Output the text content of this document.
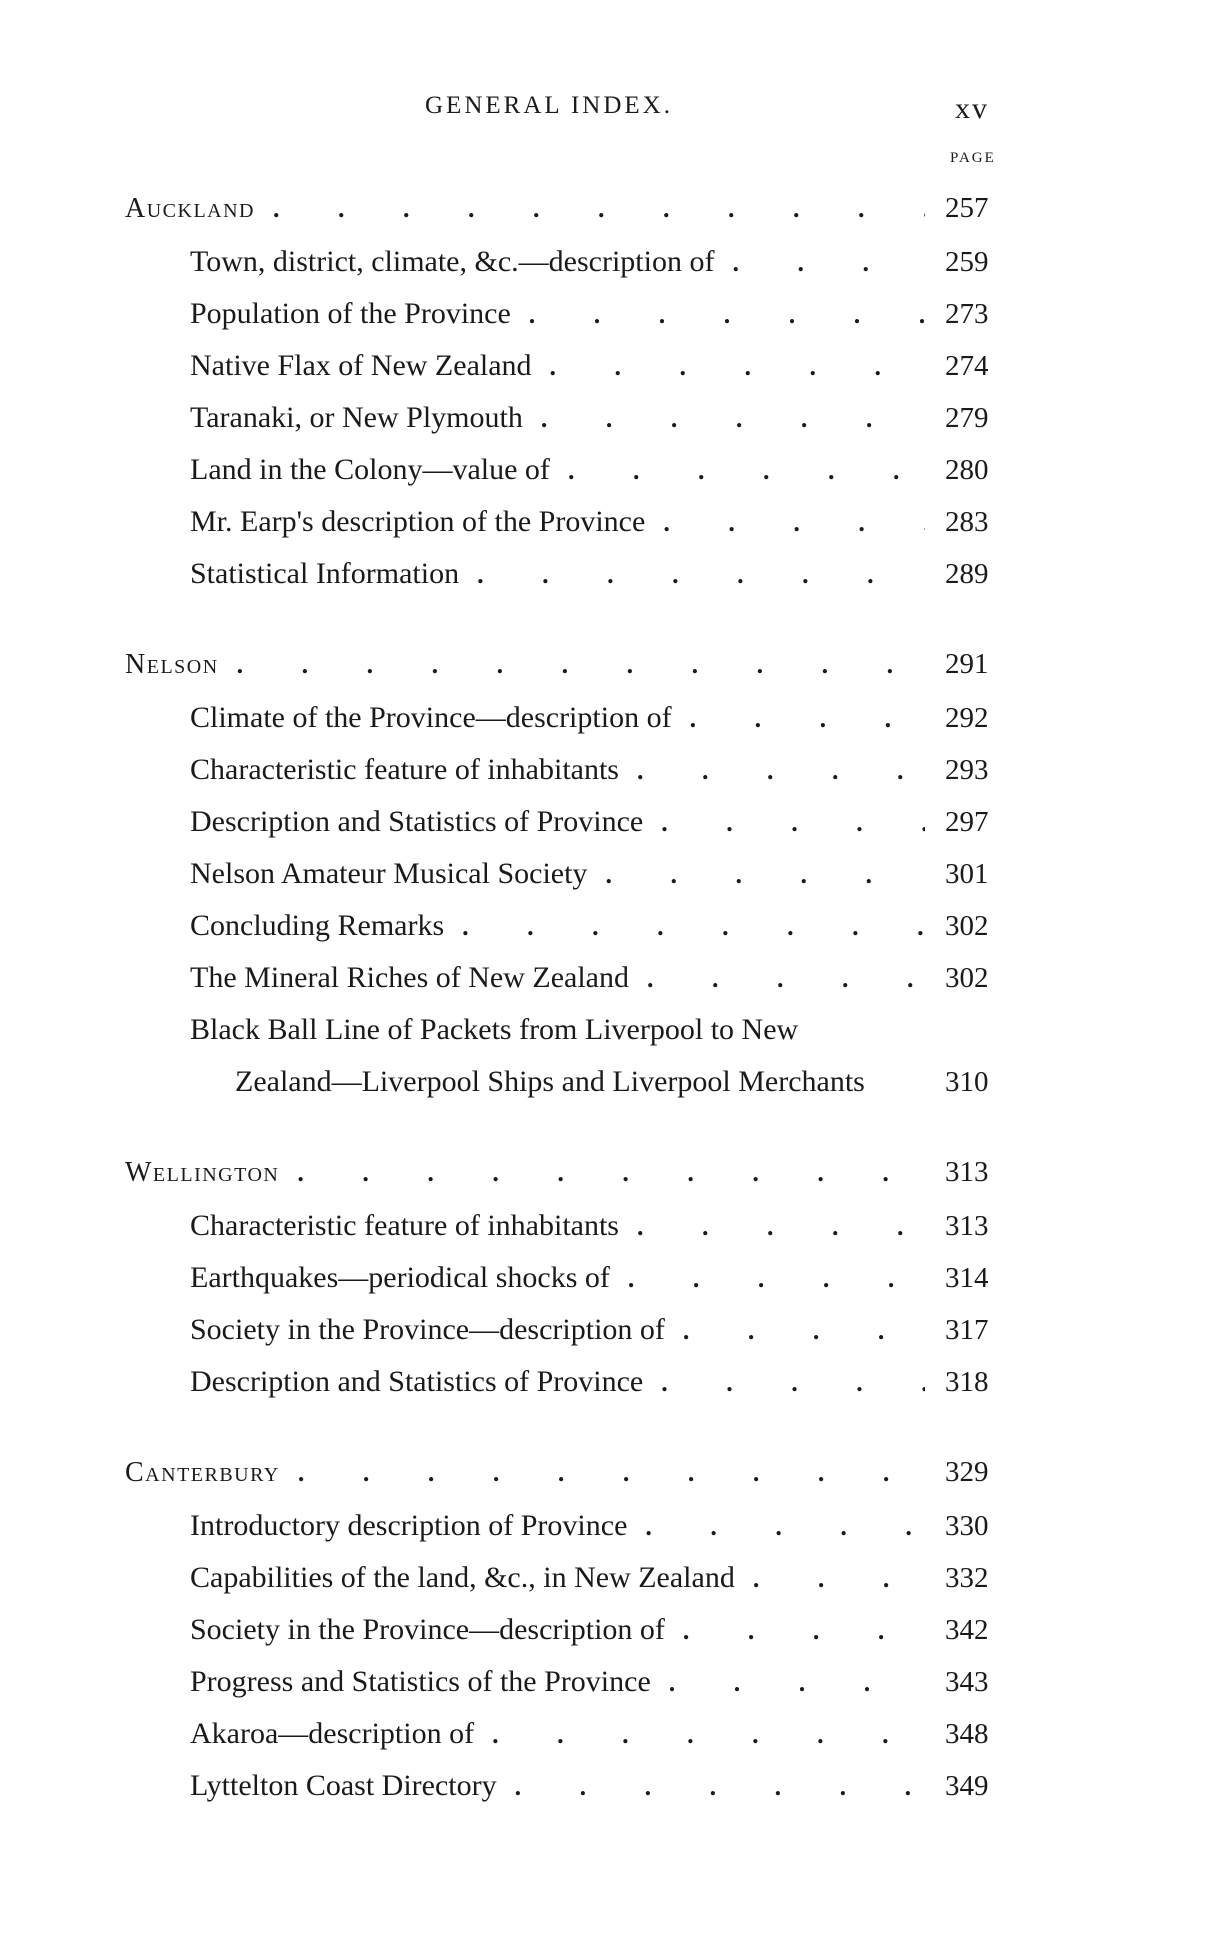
GENERAL INDEX.	xv
PAGE
Auckland .	257
Town, district, climate, &c.—description of .	259
Population of the Province .	273
Native Flax of New Zealand .	274
Taranaki, or New Plymouth .	279
Land in the Colony—value of .	280
Mr. Earp's description of the Province .	283
Statistical Information .	289
Nelson .	291
Climate of the Province—description of .	292
Characteristic feature of inhabitants .	293
Description and Statistics of Province .	297
Nelson Amateur Musical Society .	301
Concluding Remarks .	302
The Mineral Riches of New Zealand .	302
Black Ball Line of Packets from Liverpool to New
Zealand—Liverpool Ships and Liverpool Merchants	310
Wellington .	313
Characteristic feature of inhabitants .	313
Earthquakes—periodical shocks of .	314
Society in the Province—description of .	317
Description and Statistics of Province .	318
Canterbury .	329
Introductory description of Province .	330
Capabilities of the land, &c., in New Zealand .	332
Society in the Province—description of .	342
Progress and Statistics of the Province .	343
Akaroa—description of .	348
Lyttelton Coast Directory .	349
